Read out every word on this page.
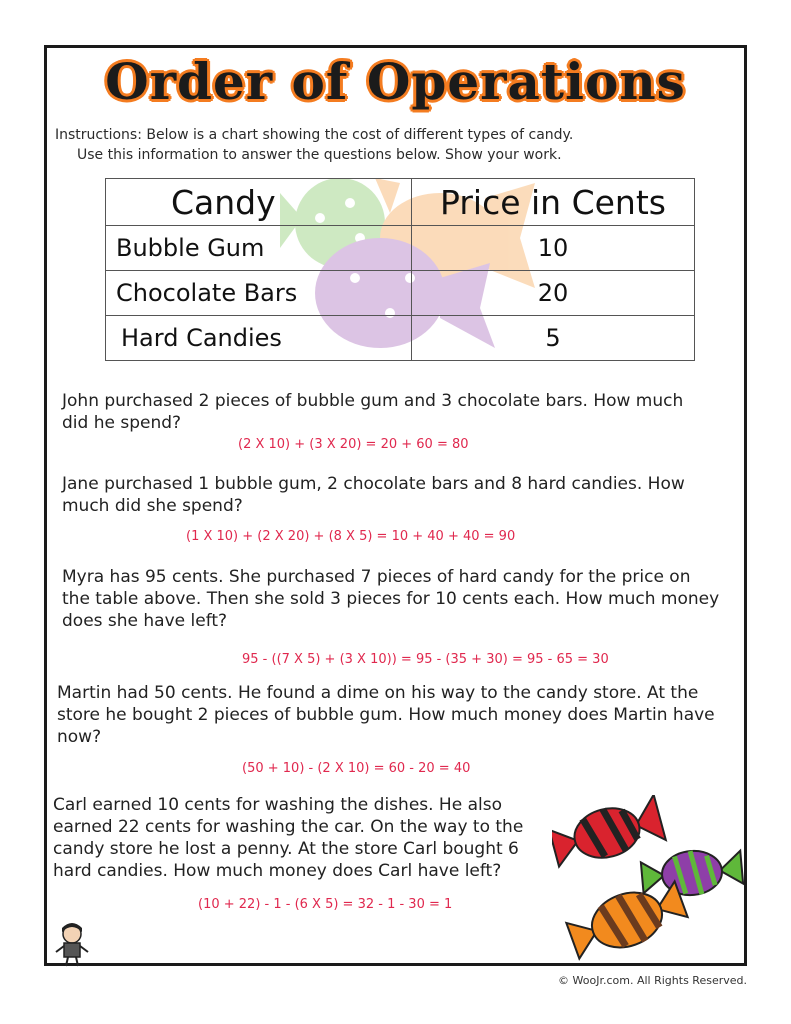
Order of Operations
Instructions: Below is a chart showing the cost of different types of candy.
Use this information to answer the questions below. Show your work.
Candy	Price in Cents
Bubble Gum	10
Chocolate Bars	20
Hard Candies	5
John purchased 2 pieces of bubble gum and 3 chocolate bars. How much did he spend?
(2 X 10) + (3 X 20) = 20 + 60 = 80
Jane purchased 1 bubble gum, 2 chocolate bars and 8 hard candies. How much did she spend?
(1 X 10) + (2 X 20) + (8 X 5) = 10 + 40 + 40 = 90
Myra has 95 cents. She purchased 7 pieces of hard candy for the price on the table above. Then she sold 3 pieces for 10 cents each. How much money does she have left?
95 - ((7 X 5) + (3 X 10)) = 95 - (35 + 30) = 95 - 65 = 30
Martin had 50 cents. He found a dime on his way to the candy store. At the store he bought 2 pieces of bubble gum. How much money does Martin have now?
(50 + 10) - (2 X 10) = 60 - 20 = 40
Carl earned 10 cents for washing the dishes. He also earned 22 cents for washing the car. On the way to the candy store he lost a penny. At the store Carl bought 6 hard candies. How much money does Carl have left?
(10 + 22) - 1 - (6 X 5) = 32 - 1 - 30 = 1
© WooJr.com. All Rights Reserved.
